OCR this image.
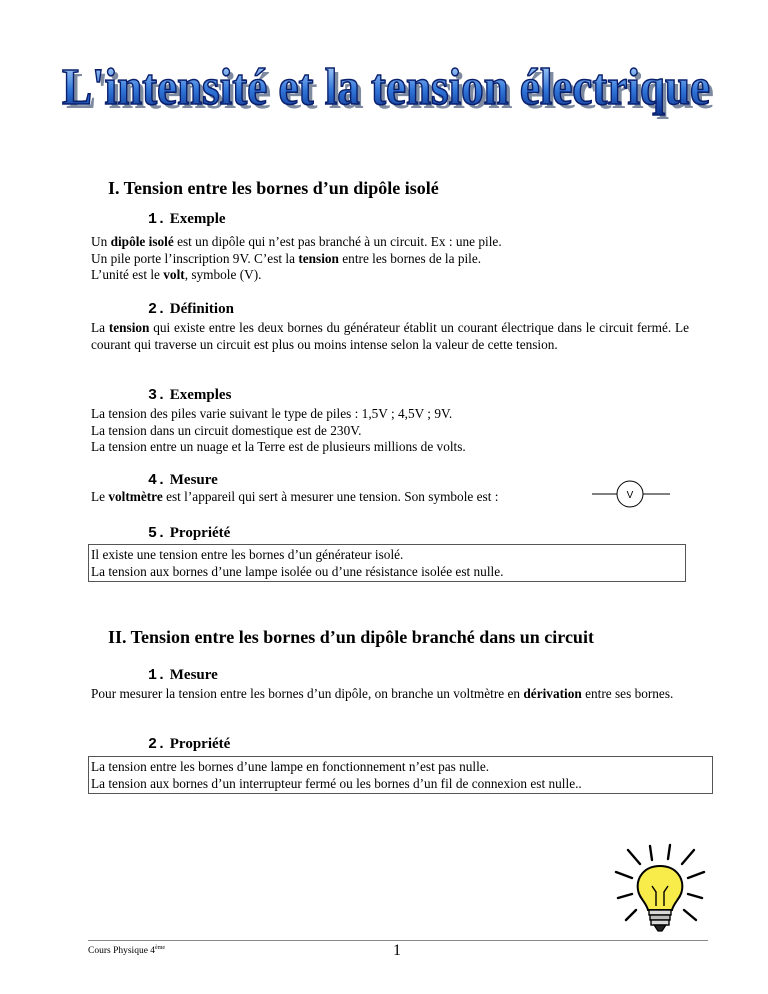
L'intensité et la tension électrique
L'intensité et la tension électrique
I. Tension entre les bornes d’un dipôle isolé
1. Exemple
Un dipôle isolé est un dipôle qui n’est pas branché à un circuit. Ex : une pile.
Un pile porte l’inscription 9V. C’est la tension entre les bornes de la pile.
L’unité est le volt, symbole (V).
2. Définition
La tension qui existe entre les deux bornes du générateur établit un courant électrique dans le circuit fermé. Le courant qui traverse un circuit est plus ou moins intense selon la valeur de cette tension.
3. Exemples
La tension des piles varie suivant le type de piles : 1,5V ; 4,5V ; 9V.
La tension dans un circuit domestique est de 230V.
La tension entre un nuage et la Terre est de plusieurs millions de volts.
4. Mesure
Le voltmètre est l’appareil qui sert à mesurer une tension. Son symbole est :	V
5. Propriété
Il existe une tension entre les bornes d’un générateur isolé.
La tension aux bornes d’une lampe isolée ou d’une résistance isolée est nulle.
II. Tension entre les bornes d’un dipôle branché dans un circuit
1. Mesure
Pour mesurer la tension entre les bornes d’un dipôle, on branche un voltmètre en dérivation entre ses bornes.
2. Propriété
La tension entre les bornes d’une lampe en fonctionnement n’est pas nulle.
La tension aux bornes d’un interrupteur fermé ou les bornes d’un fil de connexion est nulle..
Cours Physique 4ème	1
